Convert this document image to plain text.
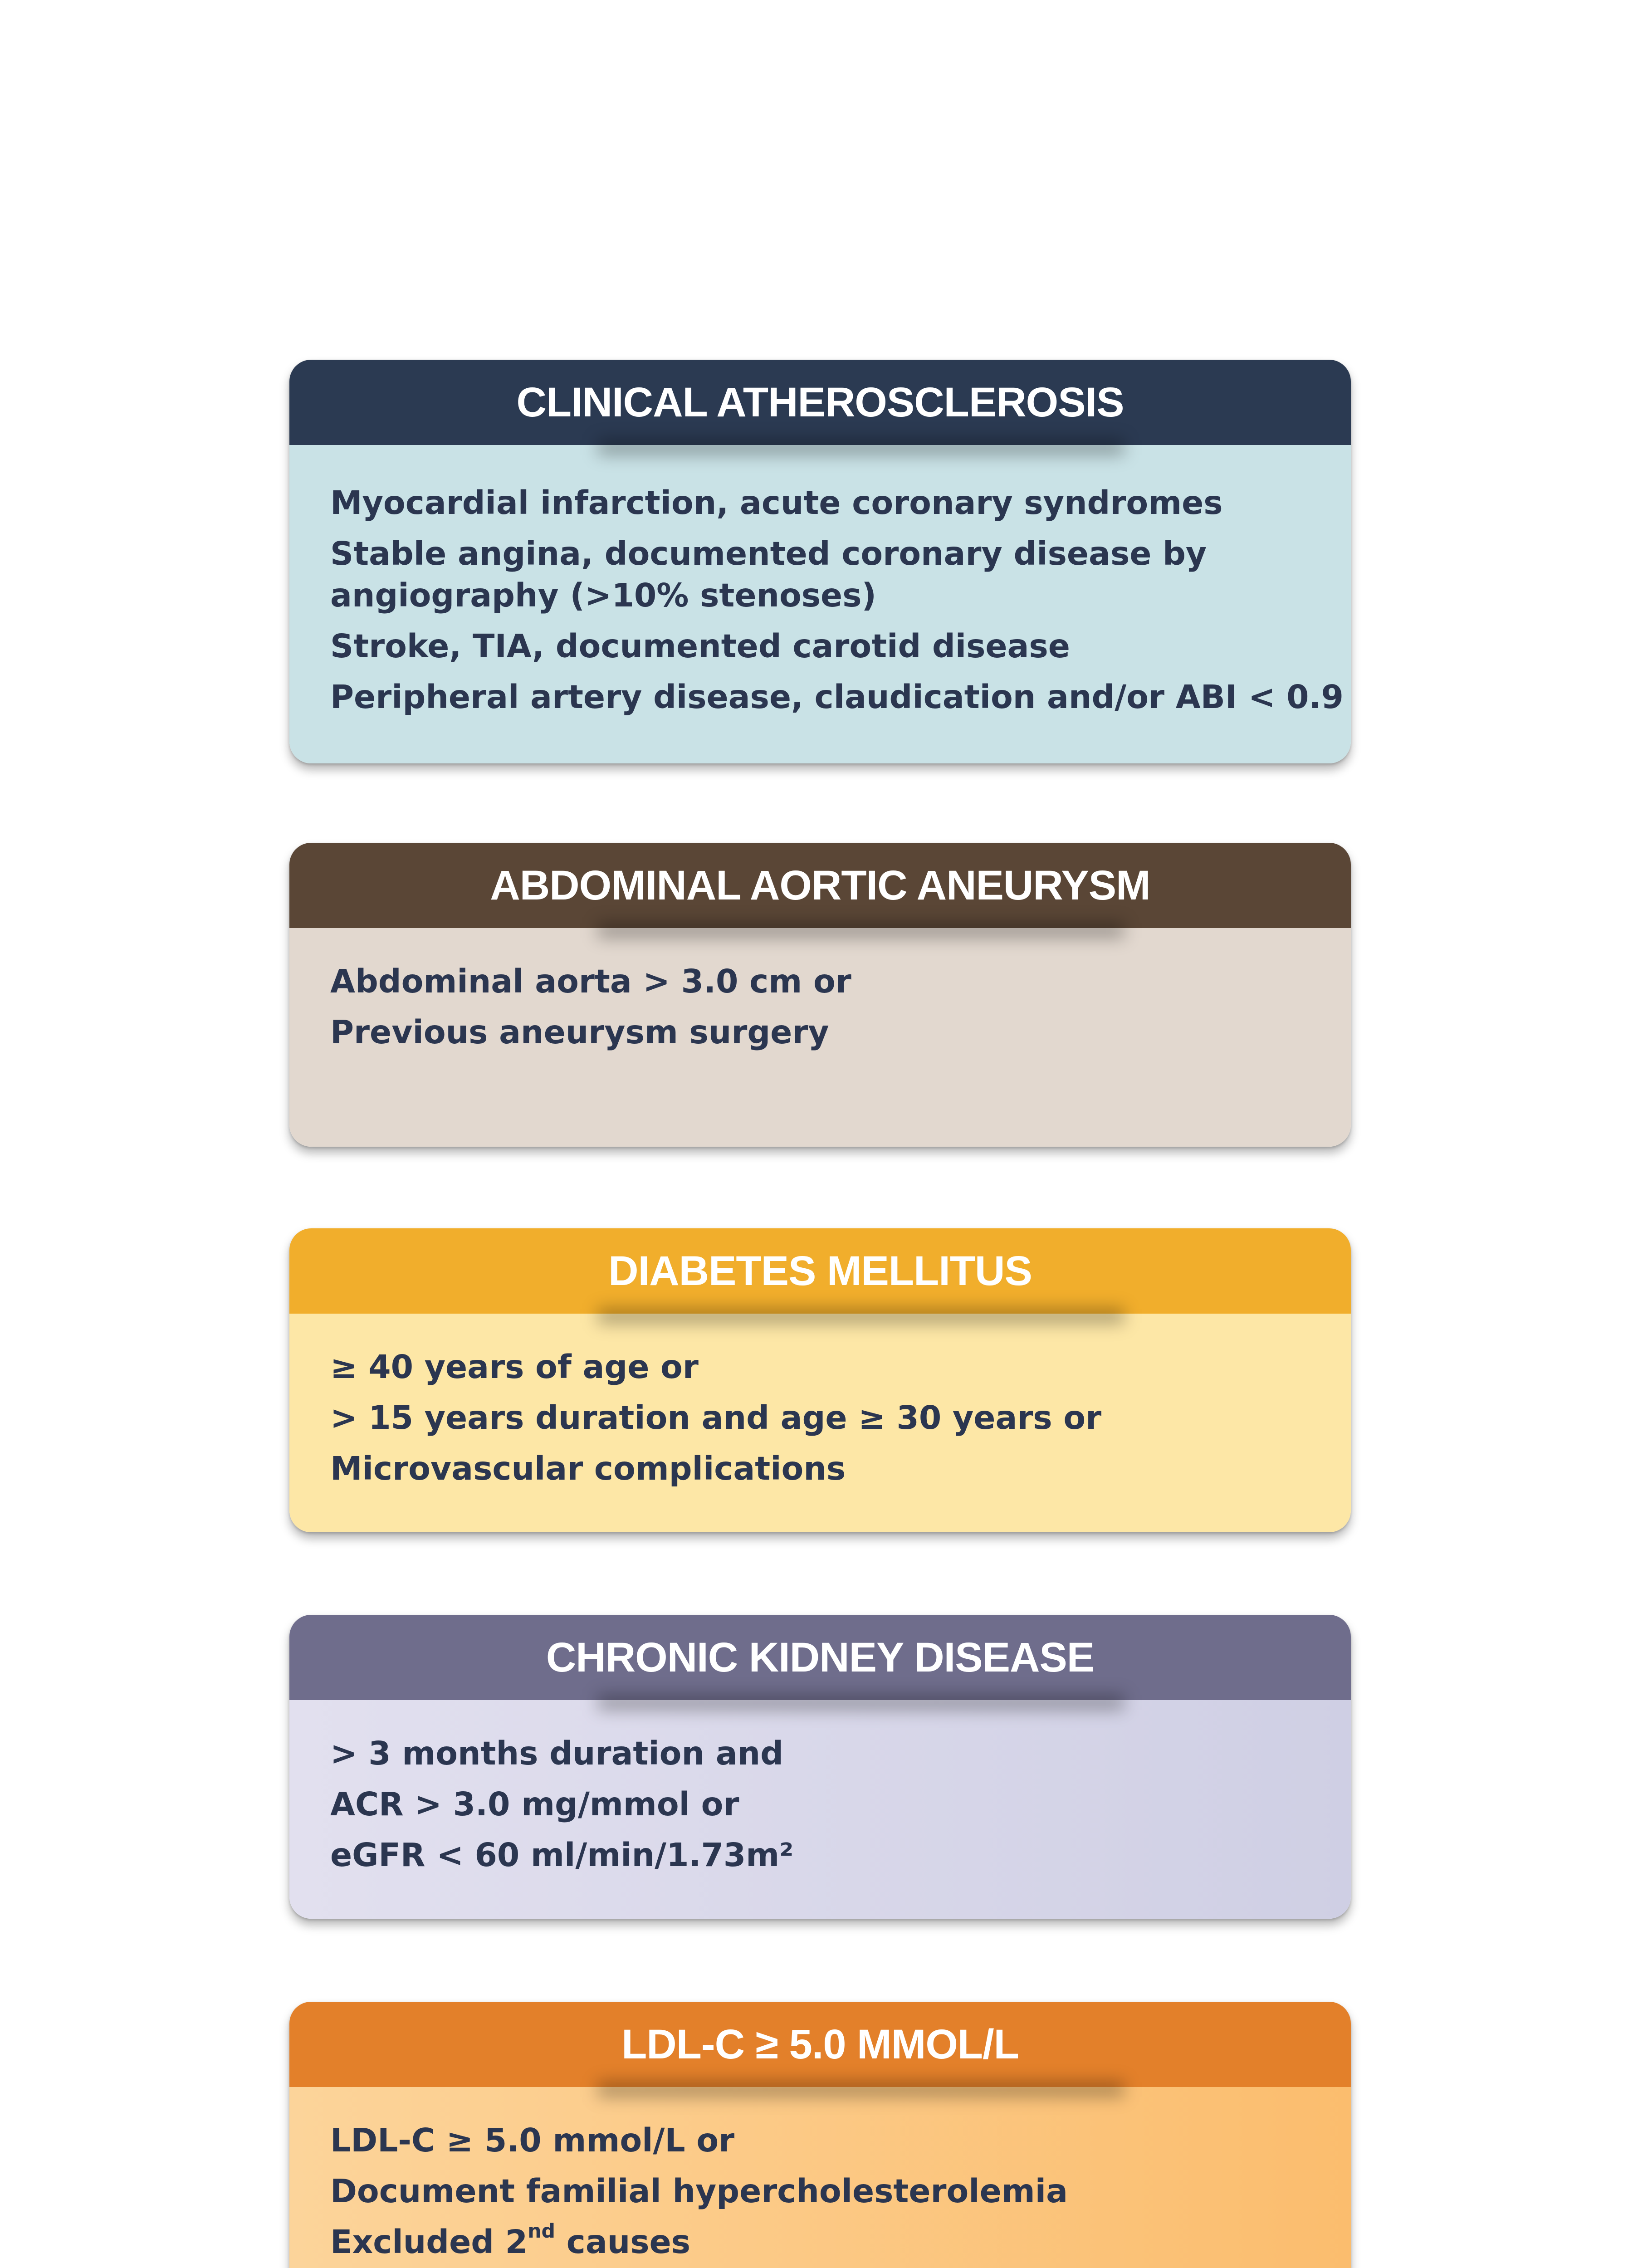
CLINICAL ATHEROSCLEROSIS
Myocardial infarction, acute coronary syndromes
Stable angina, documented coronary disease by angiography (>10% stenoses)
Stroke, TIA, documented carotid disease
Peripheral artery disease, claudication and/or ABI < 0.9
ABDOMINAL AORTIC ANEURYSM
Abdominal aorta > 3.0 cm or
Previous aneurysm surgery
DIABETES MELLITUS
≥ 40 years of age or
> 15 years duration and age ≥ 30 years or
Microvascular complications
CHRONIC KIDNEY DISEASE
> 3 months duration and
ACR > 3.0 mg/mmol or
eGFR < 60 ml/min/1.73m²
LDL-C ≥ 5.0 MMOL/L
LDL-C ≥ 5.0 mmol/L or
Document familial hypercholesterolemia
Excluded 2nd causes
